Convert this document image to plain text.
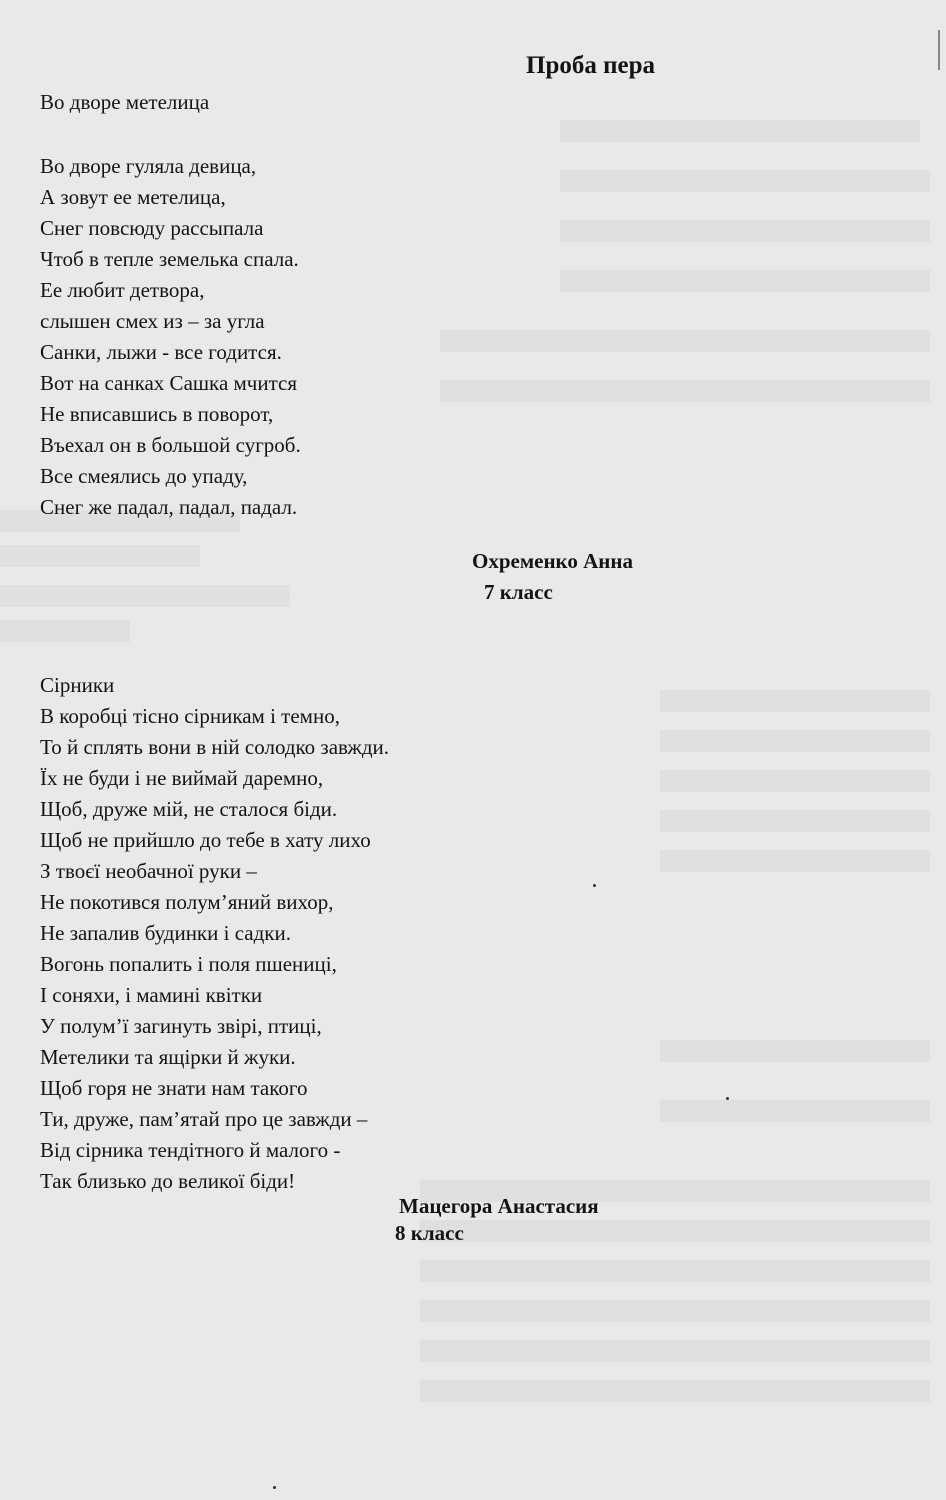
Проба пера
Во дворе метелица
Во дворе гуляла девица,
А зовут ее метелица,
Снег повсюду рассыпала
Чтоб в тепле земелька спала.
Ее любит детвора,
слышен смех из – за угла
Санки, лыжи - все годится.
Вот на санках Сашка мчится
Не вписавшись в поворот,
Въехал он в большой сугроб.
Все смеялись до упаду,
Снег же падал, падал, падал.
Охременко Анна
7 класс
Сірники
В коробці тісно сірникам і темно,
То й сплять вони в ній солодко завжди.
Їх не буди і не виймай даремно,
Щоб, друже мій, не сталося біди.
Щоб не прийшло до тебе в хату лихо
З твоєї необачної руки –
Не покотився полум’яний вихор,
Не запалив будинки і садки.
Вогонь попалить і поля пшениці,
І соняхи, і мамині квітки
У полум’ї загинуть звірі, птиці,
Метелики та ящірки й жуки.
Щоб горя не знати нам такого
Ти, друже, пам’ятай про це завжди –
Від сірника тендітного й малого -
Так близько до великої біди!
Мацегора Анастасия
8 класс
